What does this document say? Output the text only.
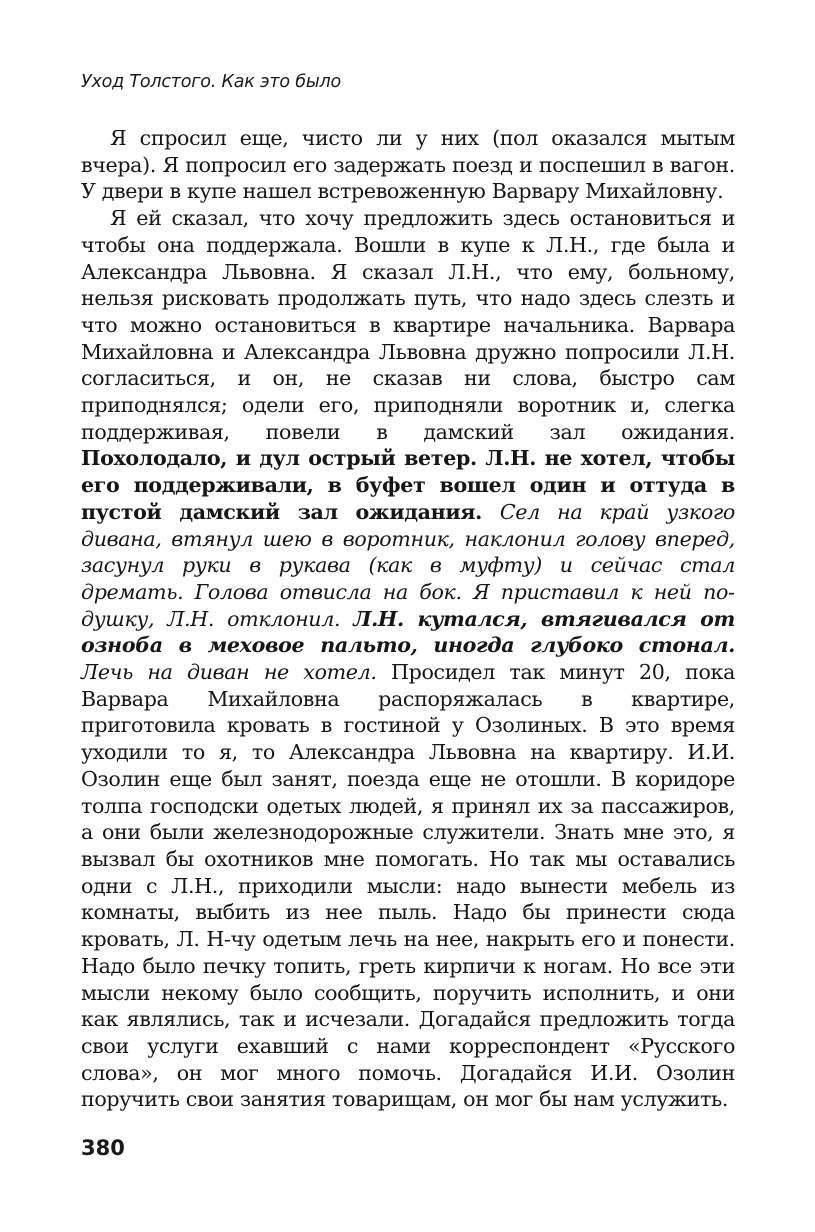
Уход Толстого. Как это было

Я спросил еще, чисто ли у них (пол оказался мытым вчера). Я попросил его задержать поезд и поспешил в вагон. У двери в купе нашел встревоженную Варвару Михайловну.

Я ей сказал, что хочу предложить здесь остановиться и чтобы она поддержала. Вошли в купе к Л.Н., где была и Александра Львовна. Я сказал Л.Н., что ему, больному, нельзя рисковать продолжать путь, что надо здесь слезть и что можно остановиться в квартире начальника. Варвара Михайловна и Александра Львовна дружно попросили Л.Н. согласиться, и он, не сказав ни слова, быстро сам приподнялся; одели его, приподняли воротник и, слегка поддерживая, повели в дамский зал ожидания. Похолодало, и дул острый ветер. Л.Н. не хотел, чтобы его поддерживали, в буфет вошел один и оттуда в пустой дамский зал ожидания. Сел на край узкого дивана, втянул шею в воротник, наклонил голову вперед, засунул руки в рукава (как в муфту) и сейчас стал дремать. Голова отвисла на бок. Я приставил к ней подушку, Л.Н. отклонил. Л.Н. кутался, втягивался от озноба в меховое пальто, иногда глубоко стонал. Лечь на диван не хотел. Просидел так минут 20, пока Варвара Михайловна распоряжалась в квартире, приготовила кровать в гостиной у Озолиных. В это время уходили то я, то Александра Львовна на квартиру. И.И. Озолин еще был занят, поезда еще не отошли. В коридоре толпа господски одетых людей, я принял их за пассажиров, а они были железнодорожные служители. Знать мне это, я вызвал бы охотников мне помогать. Но так мы оставались одни с Л.Н., приходили мысли: надо вынести мебель из комнаты, выбить из нее пыль. Надо бы принести сюда кровать, Л. Н-чу одетым лечь на нее, накрыть его и понести. Надо было печку топить, греть кирпичи к ногам. Но все эти мысли некому было сообщить, поручить исполнить, и они как являлись, так и исчезали. Догадайся предложить тогда свои услуги ехавший с нами корреспондент «Русского слова», он мог много помочь. Догадайся И.И. Озолин поручить свои занятия товарищам, он мог бы нам услужить.

380
